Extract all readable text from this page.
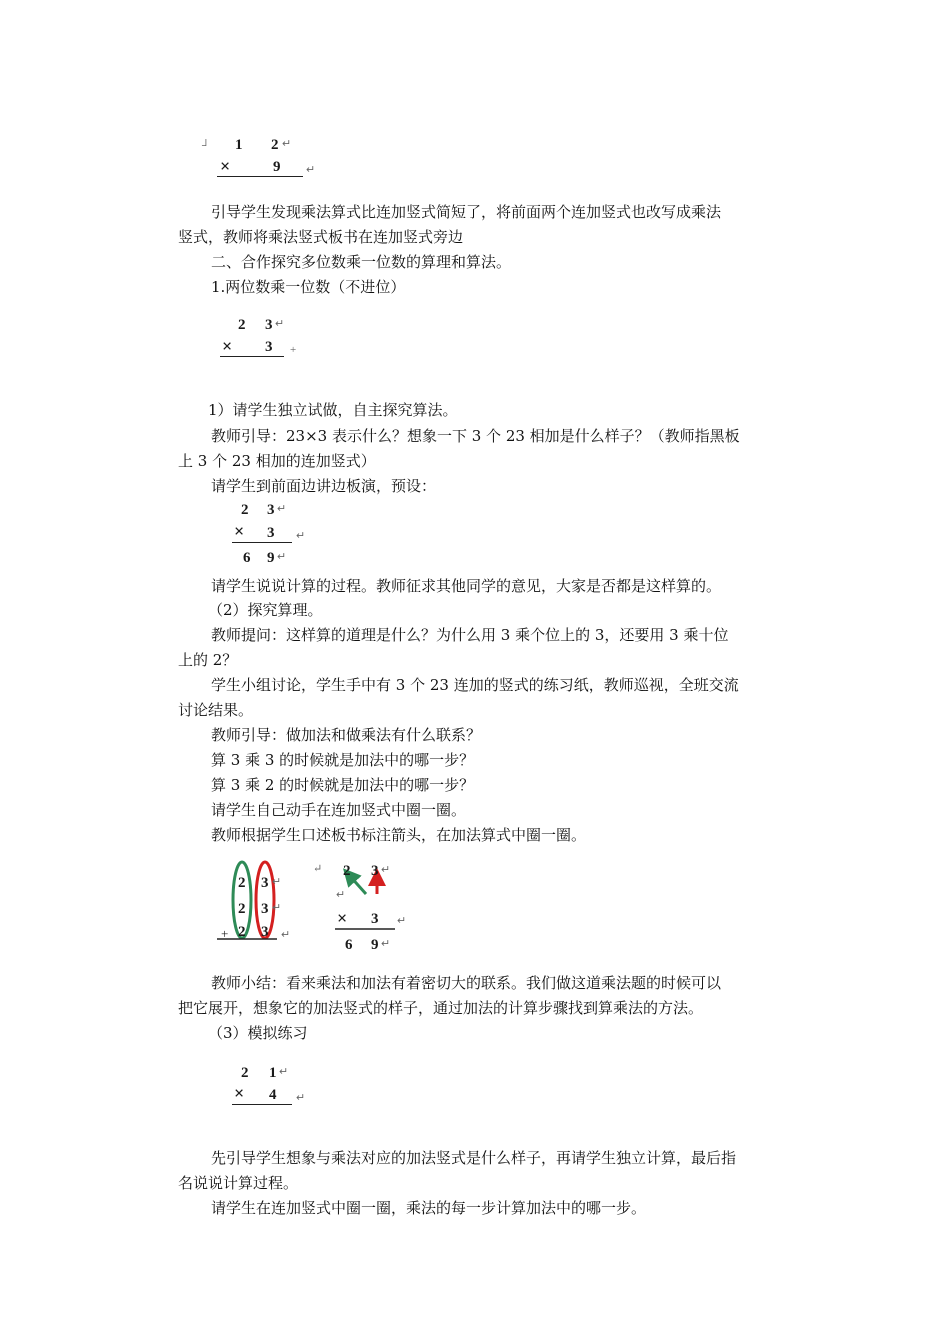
┘ 1 2 ↵
×	9 ↵
引导学生发现乘法算式比连加竖式简短了，将前面两个连加竖式也改写成乘法
竖式，教师将乘法竖式板书在连加竖式旁边
二、合作探究多位数乘一位数的算理和算法。
1.两位数乘一位数（不进位）
2 3 ↵
× 3 +
1）请学生独立试做，自主探究算法。
教师引导：23×3 表示什么？想象一下 3 个 23 相加是什么样子？（教师指黑板
上 3 个 23 相加的连加竖式）
请学生到前面边讲边板演，预设：
2 3 ↵
× 3 ↵
6 9 ↵
请学生说说计算的过程。教师征求其他同学的意见，大家是否都是这样算的。
（2）探究算理。
教师提问：这样算的道理是什么？为什么用 3 乘个位上的 3，还要用 3 乘十位
上的 2？
学生小组讨论，学生手中有 3 个 23 连加的竖式的练习纸，教师巡视，全班交流
讨论结果。
教师引导：做加法和做乘法有什么联系？
算 3 乘 3 的时候就是加法中的哪一步？
算 3 乘 2 的时候就是加法中的哪一步？
请学生自己动手在连加竖式中圈一圈。
教师根据学生口述板书标注箭头，在加法算式中圈一圈。
2
2
+ 2
3
3
3
↵
↵
↵
↵ 2 3 ↵
↵
× 3 ↵
6 9 ↵
教师小结：看来乘法和加法有着密切大的联系。我们做这道乘法题的时候可以
把它展开，想象它的加法竖式的样子，通过加法的计算步骤找到算乘法的方法。
（3）模拟练习
2 1 ↵
× 4 ↵
先引导学生想象与乘法对应的加法竖式是什么样子，再请学生独立计算，最后指
名说说计算过程。
请学生在连加竖式中圈一圈，乘法的每一步计算加法中的哪一步。
